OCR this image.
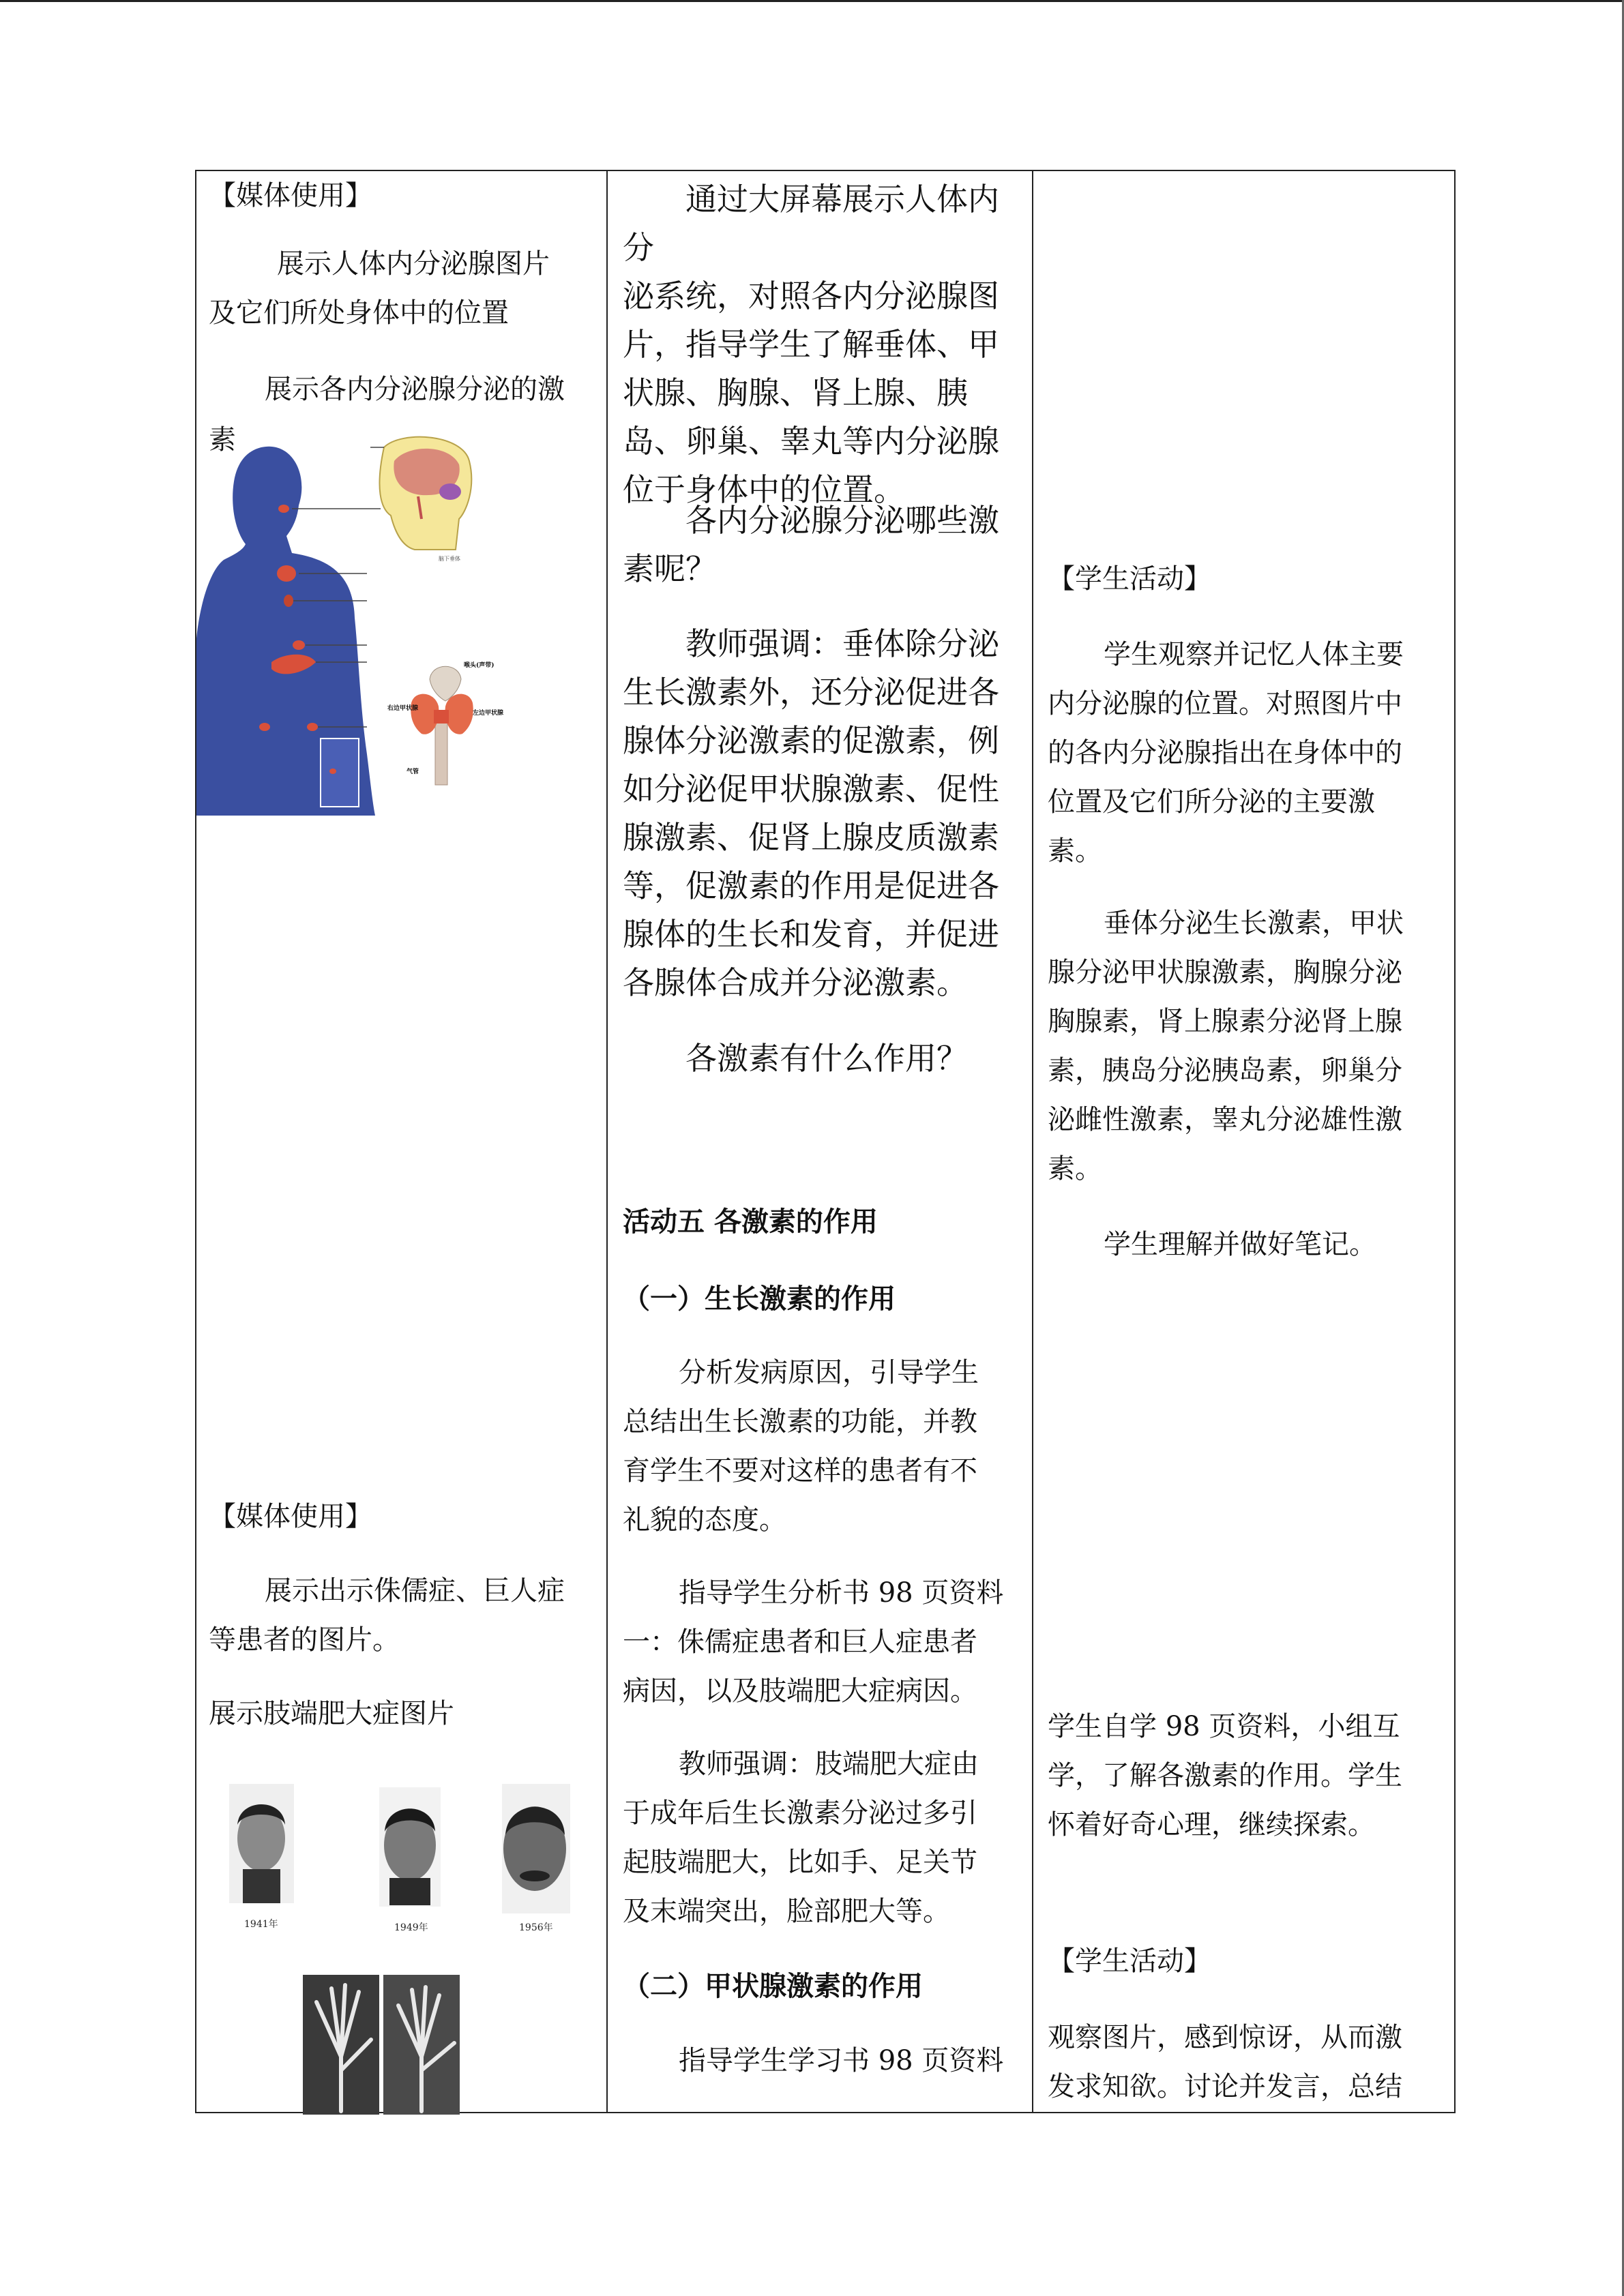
【媒体使用】

展示人体内分泌腺图片

及它们所处身体中的位置

展示各内分泌腺分泌的激

素

脑下垂体
喉头(声带)
右边甲状腺
左边甲状腺
气管

【媒体使用】

展示出示侏儒症、巨人症

等患者的图片。

展示肢端肥大症图片

1941年	1949年	1956年

通过大屏幕展示人体内分
泌系统，对照各内分泌腺图
片，指导学生了解垂体、甲
状腺、胸腺、肾上腺、胰
岛、卵巢、睾丸等内分泌腺
位于身体中的位置。

各内分泌腺分泌哪些激
素呢？

教师强调：垂体除分泌
生长激素外，还分泌促进各
腺体分泌激素的促激素，例
如分泌促甲状腺激素、促性
腺激素、促肾上腺皮质激素
等，促激素的作用是促进各
腺体的生长和发育，并促进
各腺体合成并分泌激素。

各激素有什么作用？

活动五 各激素的作用

（一）生长激素的作用

分析发病原因，引导学生
总结出生长激素的功能，并教
育学生不要对这样的患者有不
礼貌的态度。

指导学生分析书 98 页资料
一：侏儒症患者和巨人症患者
病因，以及肢端肥大症病因。

教师强调：肢端肥大症由
于成年后生长激素分泌过多引
起肢端肥大，比如手、足关节
及末端突出，脸部肥大等。

（二）甲状腺激素的作用

指导学生学习书 98 页资料

【学生活动】

学生观察并记忆人体主要
内分泌腺的位置。对照图片中
的各内分泌腺指出在身体中的
位置及它们所分泌的主要激
素。

垂体分泌生长激素，甲状
腺分泌甲状腺激素，胸腺分泌
胸腺素，肾上腺素分泌肾上腺
素，胰岛分泌胰岛素，卵巢分
泌雌性激素，睾丸分泌雄性激
素。

学生理解并做好笔记。

学生自学 98 页资料，小组互
学，了解各激素的作用。学生
怀着好奇心理，继续探索。

【学生活动】

观察图片，感到惊讶，从而激
发求知欲。讨论并发言，总结
